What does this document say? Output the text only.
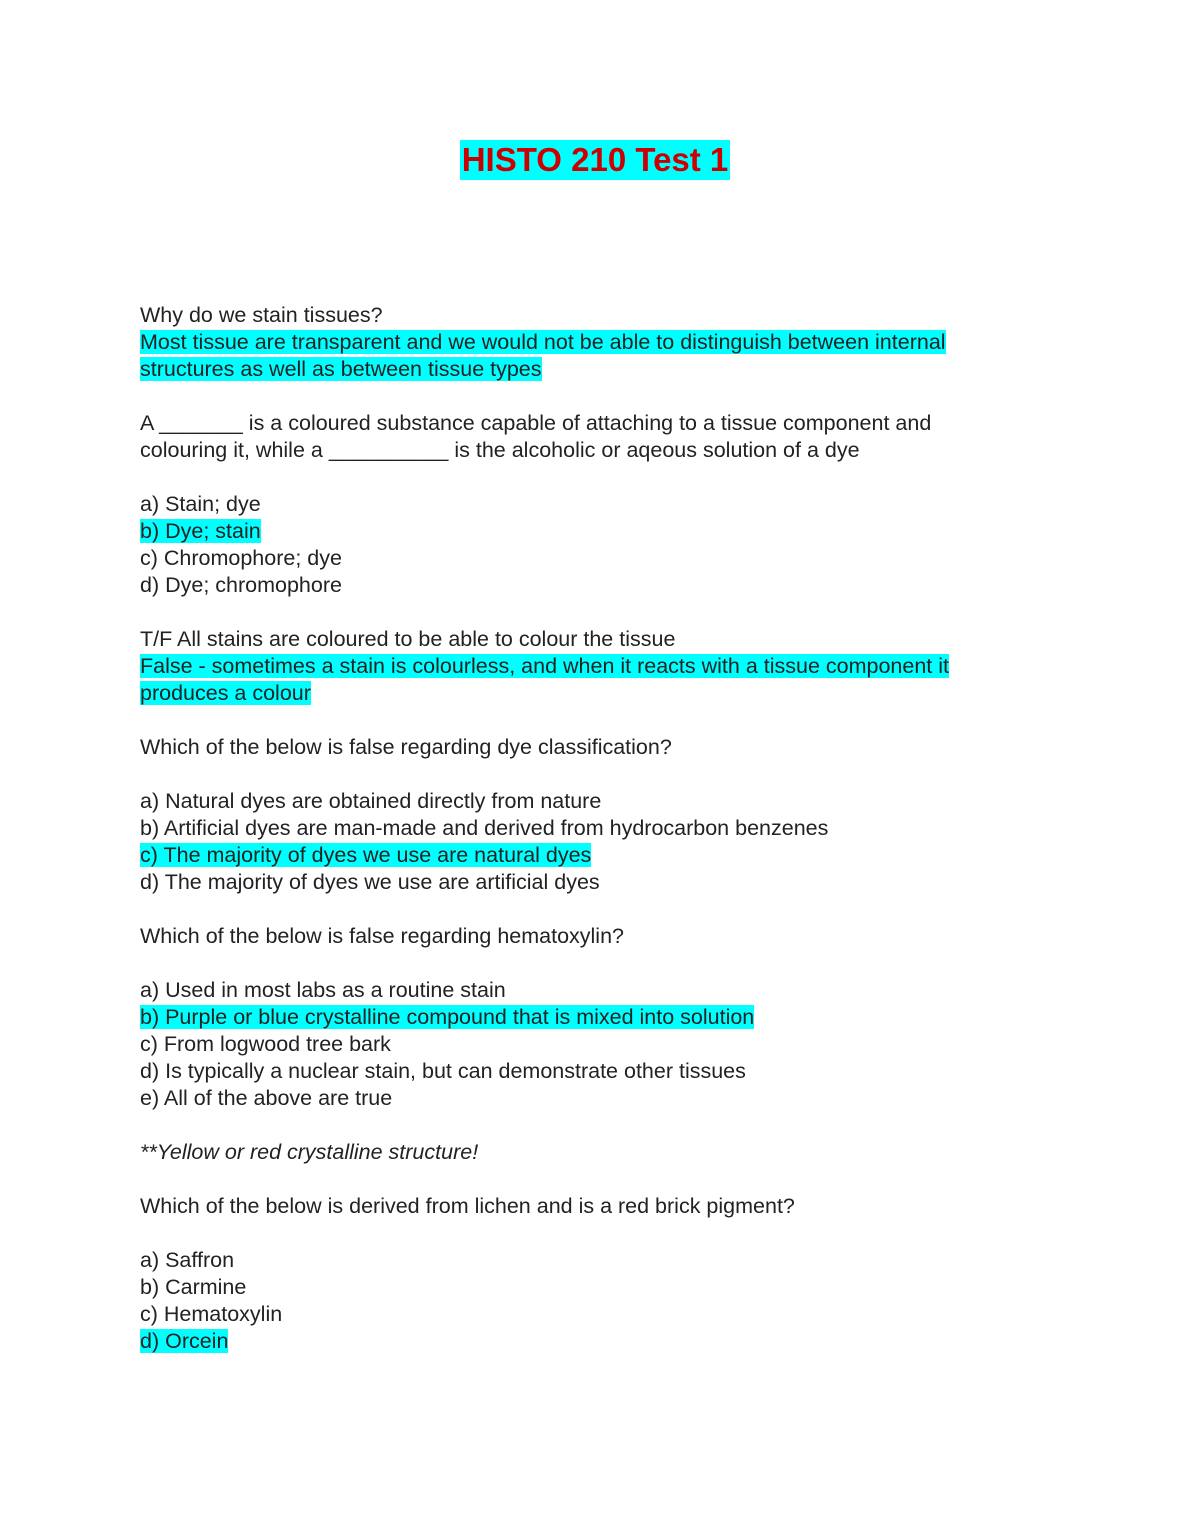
HISTO 210 Test 1
Why do we stain tissues?
Most tissue are transparent and we would not be able to distinguish between internal
structures as well as between tissue types
A _______ is a coloured substance capable of attaching to a tissue component and
colouring it, while a __________ is the alcoholic or aqeous solution of a dye
a) Stain; dye
b) Dye; stain
c) Chromophore; dye
d) Dye; chromophore
T/F All stains are coloured to be able to colour the tissue
False - sometimes a stain is colourless, and when it reacts with a tissue component it
produces a colour
Which of the below is false regarding dye classification?
a) Natural dyes are obtained directly from nature
b) Artificial dyes are man-made and derived from hydrocarbon benzenes
c) The majority of dyes we use are natural dyes
d) The majority of dyes we use are artificial dyes
Which of the below is false regarding hematoxylin?
a) Used in most labs as a routine stain
b) Purple or blue crystalline compound that is mixed into solution
c) From logwood tree bark
d) Is typically a nuclear stain, but can demonstrate other tissues
e) All of the above are true
**Yellow or red crystalline structure!
Which of the below is derived from lichen and is a red brick pigment?
a) Saffron
b) Carmine
c) Hematoxylin
d) Orcein
